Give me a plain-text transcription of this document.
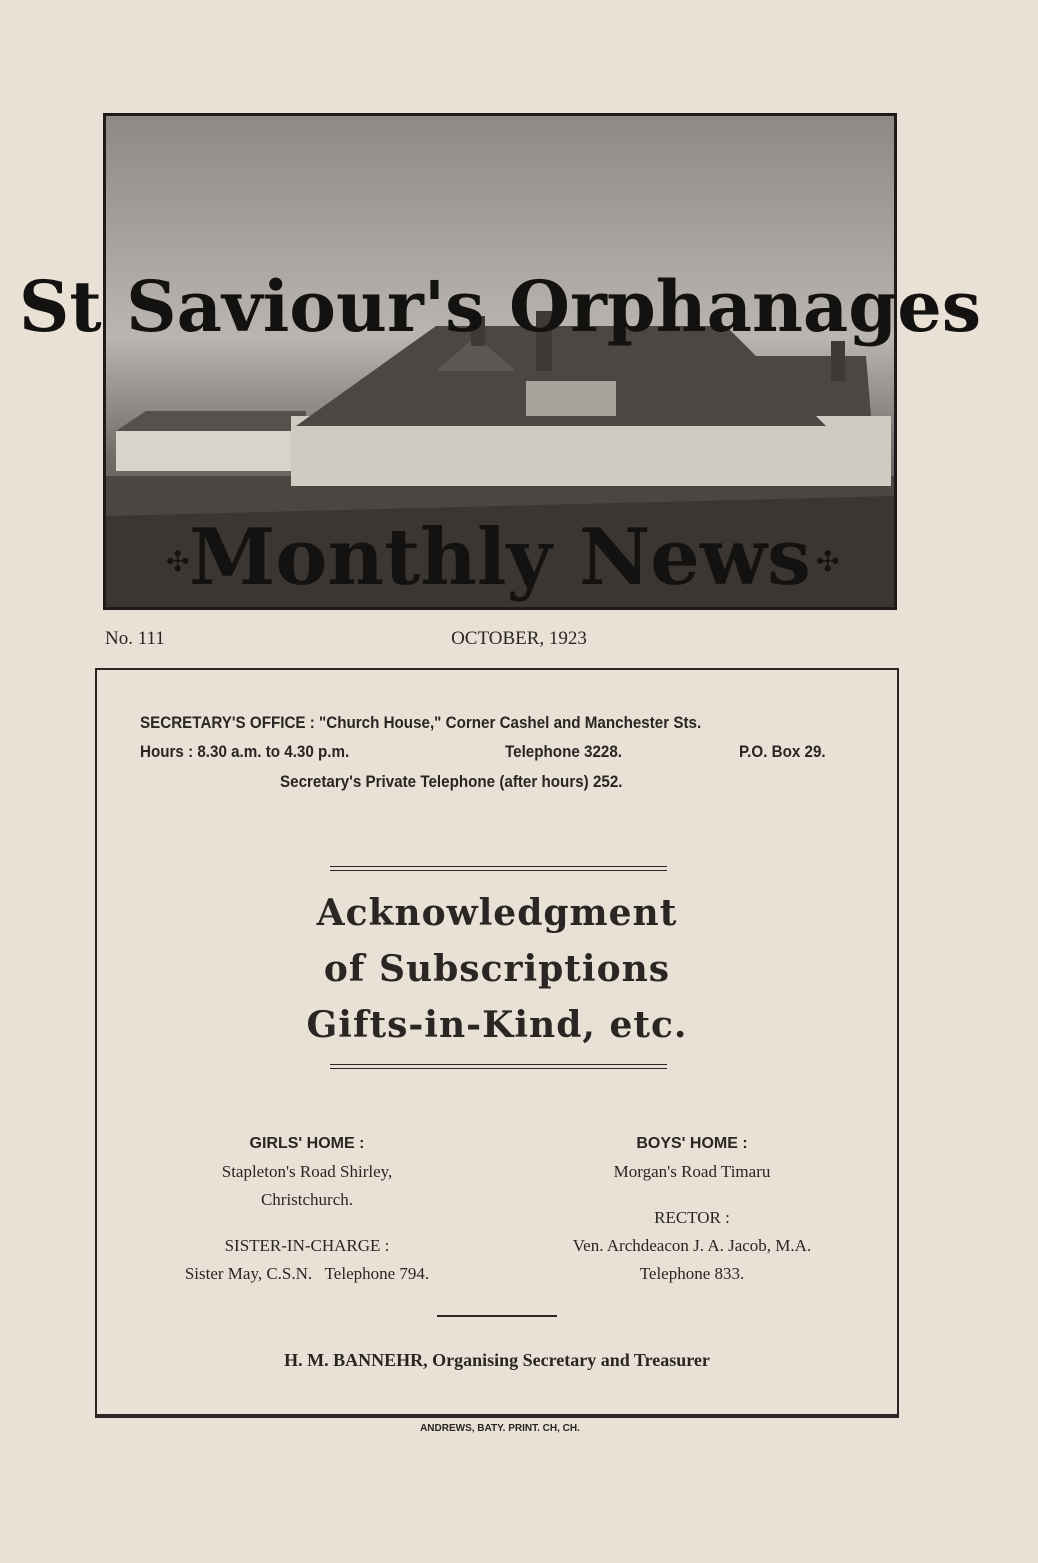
St Saviour's Orphanages
Monthly News
✣	✣
No. 111	OCTOBER, 1923
SECRETARY'S OFFICE : "Church House," Corner Cashel and Manchester Sts.
Hours : 8.30 a.m. to 4.30 p.m.	Telephone 3228.	P.O. Box 29.
Secretary's Private Telephone (after hours) 252.
Acknowledgment
of Subscriptions
Gifts-in-Kind, etc.
GIRLS' HOME :
Stapleton's Road Shirley,
Christchurch.
SISTER-IN-CHARGE :
Sister May, C.S.N.   Telephone 794.
BOYS' HOME :
Morgan's Road Timaru
RECTOR :
Ven. Archdeacon J. A. Jacob, M.A.
Telephone 833.
H. M. BANNEHR, Organising Secretary and Treasurer
ANDREWS, BATY. PRINT. CH, CH.
